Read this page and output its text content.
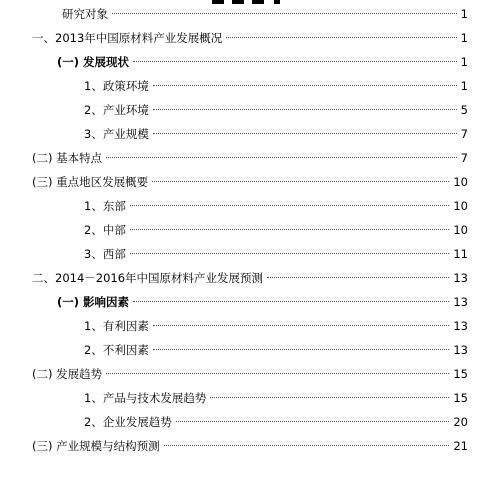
研究对象	1
一、2013年中国原材料产业发展概况	1
(一) 发展现状	1
1、政策环境	1
2、产业环境	5
3、产业规模	7
(二) 基本特点	7
(三) 重点地区发展概要	10
1、东部	10
2、中部	10
3、西部	11
二、2014－2016年中国原材料产业发展预测	13
(一) 影响因素	13
1、有利因素	13
2、不利因素	13
(二) 发展趋势	15
1、产品与技术发展趋势	15
2、企业发展趋势	20
(三) 产业规模与结构预测	21
